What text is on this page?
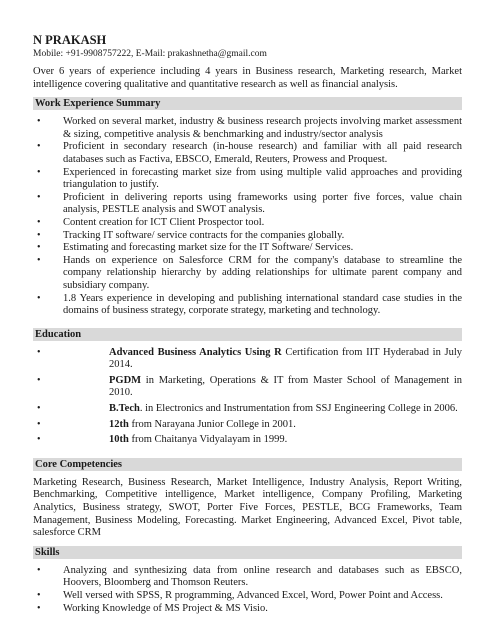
N PRAKASH

Mobile: +91-9908757222, E-Mail: prakashnetha@gmail.com

Over 6 years of experience including 4 years in Business research, Marketing research, Market intelligence covering qualitative and quantitative research as well as financial analysis.

Work Experience Summary
• Worked on several market, industry & business research projects involving market assessment & sizing, competitive analysis & benchmarking and industry/sector analysis
• Proficient in secondary research (in-house research) and familiar with all paid research databases such as Factiva, EBSCO, Emerald, Reuters, Prowess and Proquest.
• Experienced in forecasting market size from using multiple valid approaches and providing triangulation to justify.
• Proficient in delivering reports using frameworks using porter five forces, value chain analysis, PESTLE analysis and SWOT analysis.
• Content creation for ICT Client Prospector tool.
• Tracking IT software/ service contracts for the companies globally.
• Estimating and forecasting market size for the IT Software/ Services.
• Hands on experience on Salesforce CRM for the company's database to streamline the company relationship hierarchy by adding relationships for ultimate parent company and subsidiary company.
• 1.8 Years experience in developing and publishing international standard case studies in the domains of business strategy, corporate strategy, marketing and technology.
Education
•	Advanced Business Analytics Using R Certification from IIT Hyderabad in July 2014.
•	PGDM in Marketing, Operations & IT from Master School of Management in 2010.
•	B.Tech. in Electronics and Instrumentation from SSJ Engineering College in 2006.
•	12th from Narayana Junior College in 2001.
•	10th from Chaitanya Vidyalayam in 1999.
Core Competencies

Marketing Research, Business Research, Market Intelligence, Industry Analysis, Report Writing, Benchmarking, Competitive intelligence, Market intelligence, Company Profiling, Marketing Analytics, Business strategy, SWOT, Porter Five Forces, PESTLE, BCG Frameworks, Team Management, Business Modeling, Forecasting. Market Engineering, Advanced Excel, Pivot table, salesforce CRM

Skills
• Analyzing and synthesizing data from online research and databases such as EBSCO, Hoovers, Bloomberg and Thomson Reuters.
• Well versed with SPSS, R programming, Advanced Excel, Word, Power Point and Access.
• Working Knowledge of MS Project & MS Visio.
